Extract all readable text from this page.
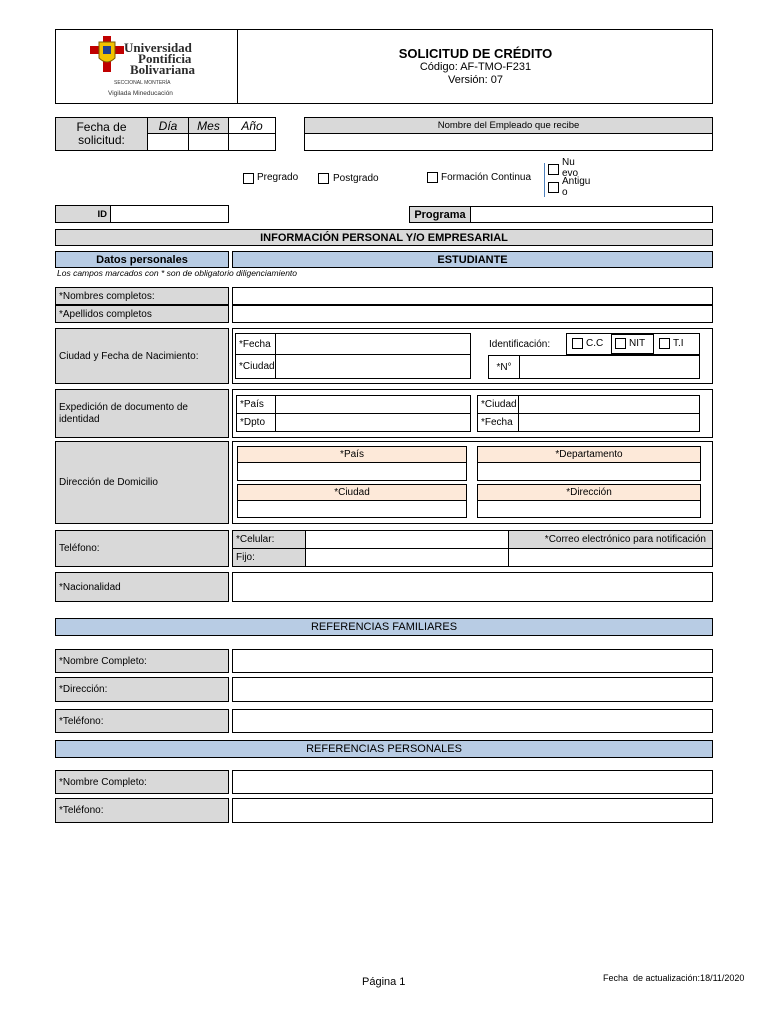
Universidad
Pontificia
Bolivariana
SECCIONAL MONTERÍA
Vigilada Mineducación
SOLICITUD DE CRÉDITO
Código: AF-TMO-F231
Versión: 07
Fecha de solicitud:
Día	Mes	Año	Nombre del Empleado que recibe
Pregrado	Postgrado	Formación Continua
Nuevo
Antiguo
ID	Programa
INFORMACIÓN PERSONAL Y/O EMPRESARIAL
Datos personales	ESTUDIANTE
Los campos marcados con * son de obligatorio diligenciamiento
*Nombres completos:
*Apellidos completos
Ciudad y Fecha de Nacimiento:
*Fecha
*Ciudad
Identificación:	C.C	NIT	T.I
*N°
Expedición de documento de identidad
*País
*Dpto
*Ciudad
*Fecha
Dirección de Domicilio
*País	*Departamento
*Ciudad	*Dirección
Teléfono:
*Celular:
Fijo:
*Correo electrónico para notificación
*Nacionalidad
REFERENCIAS FAMILIARES
*Nombre Completo:
*Dirección:
*Teléfono:
REFERENCIAS PERSONALES
*Nombre Completo:
*Teléfono:
Página 1	Fecha  de actualización:18/11/2020
